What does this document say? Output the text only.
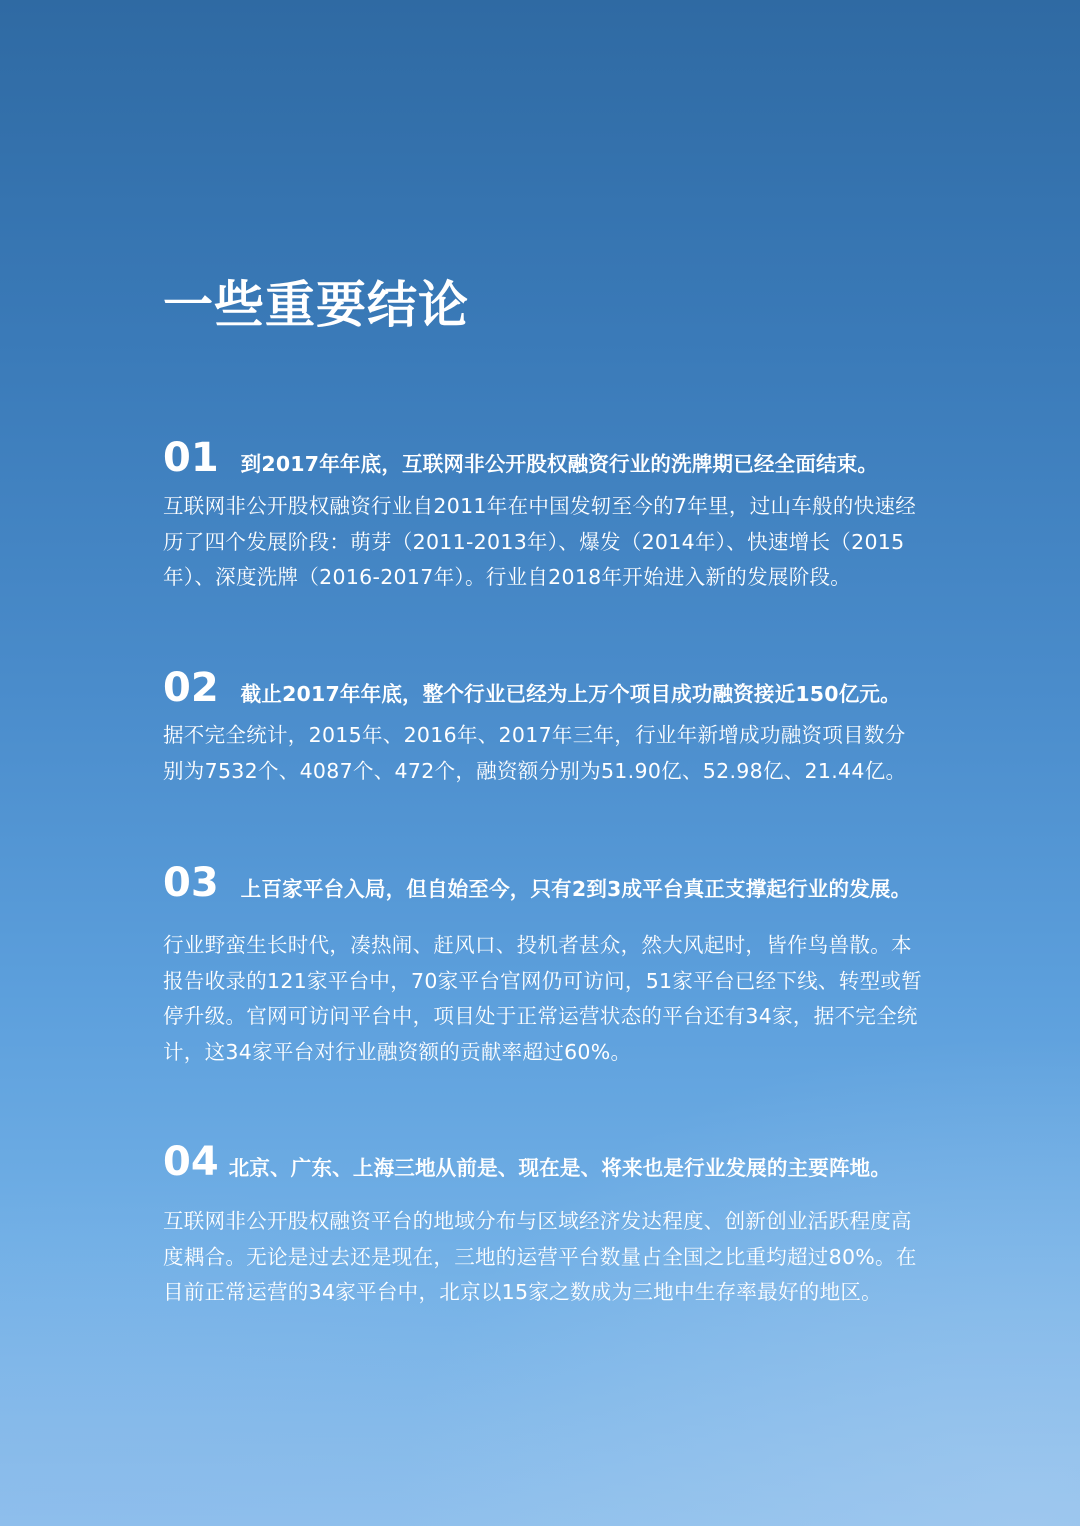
一些重要结论
01 到2017年年底，互联网非公开股权融资行业的洗牌期已经全面结束。

互联网非公开股权融资行业自2011年在中国发轫至今的7年里，过山车般的快速经历了四个发展阶段：萌芽（2011-2013年）、爆发（2014年）、快速增长（2015年）、深度洗牌（2016-2017年）。行业自2018年开始进入新的发展阶段。

02 截止2017年年底，整个行业已经为上万个项目成功融资接近150亿元。

据不完全统计，2015年、2016年、2017年三年，行业年新增成功融资项目数分别为7532个、4087个、472个，融资额分别为51.90亿、52.98亿、21.44亿。

03 上百家平台入局，但自始至今，只有2到3成平台真正支撑起行业的发展。

行业野蛮生长时代，凑热闹、赶风口、投机者甚众，然大风起时，皆作鸟兽散。本报告收录的121家平台中，70家平台官网仍可访问，51家平台已经下线、转型或暂停升级。官网可访问平台中，项目处于正常运营状态的平台还有34家，据不完全统计，这34家平台对行业融资额的贡献率超过60%。

04 北京、广东、上海三地从前是、现在是、将来也是行业发展的主要阵地。

互联网非公开股权融资平台的地域分布与区域经济发达程度、创新创业活跃程度高度耦合。无论是过去还是现在，三地的运营平台数量占全国之比重均超过80%。在目前正常运营的34家平台中，北京以15家之数成为三地中生存率最好的地区。
